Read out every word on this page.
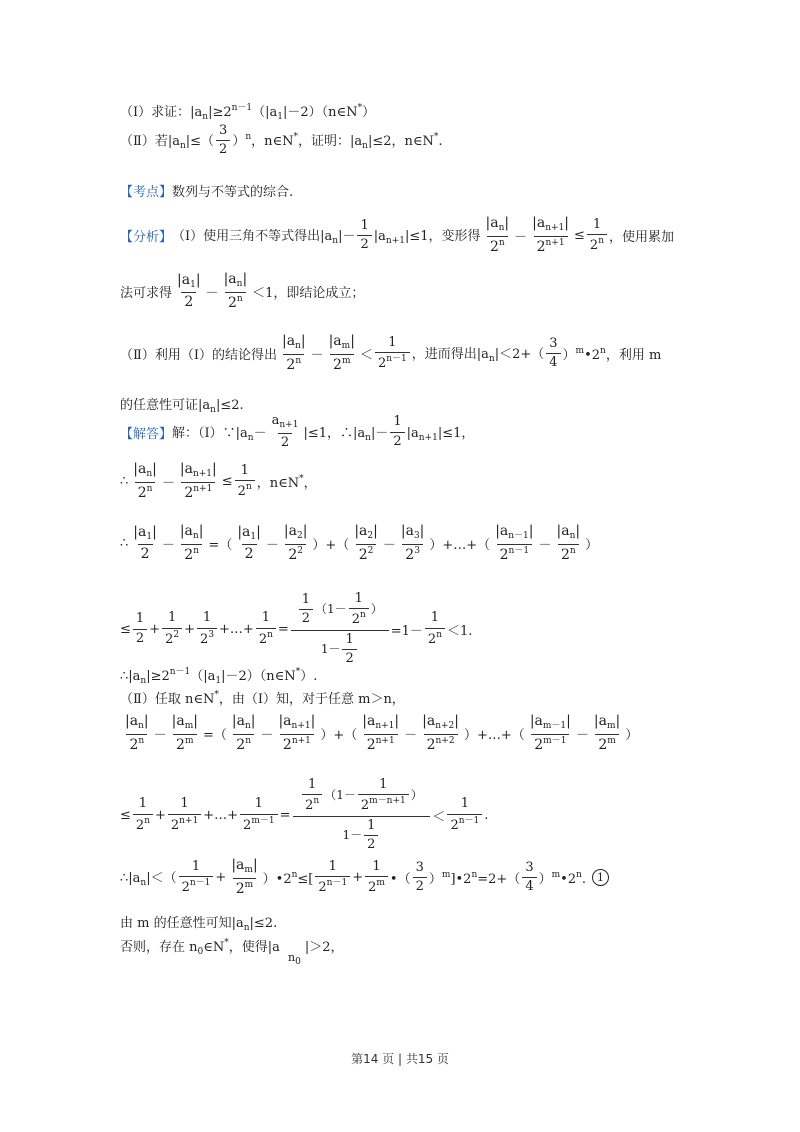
（Ⅰ）求证：$|a_n|\ge 2^{n-1}(|a_1|-2)(n\in N^*)$
（Ⅱ）若$|a_n|\le( \frac{3}{2} )^n$，n∈N*，证明：$|a_n|\le 2$，n∈N*.
【考点】 数列与不等式的综合.
【分析】 （Ⅰ）使用三角不等式得出$|a_n|- \frac{1}{2} |a_{n+1}|\le 1$，变形得 $\frac{|a_n|}{2^n} - \frac{|a_{n+1}|}{2^{n+1}} \le \frac{1}{2^n}$ ，使用累加
法可求得 $\frac{|a_1|}{2} - \frac{|a_n|}{2^n} <1$，即结论成立；
（Ⅱ）利用（Ⅰ）的结论得出 $\frac{|a_n|}{2^n} - \frac{|a_m|}{2^m} < \frac{1}{2^{n-1}}$ ，进而得出$|a_n|<2+( \frac{3}{4}$ ）$^m•2^n$，利用 m
的任意性可证$|a_n|\le 2$.
【解答】 解：$(Ⅰ)\because|a_n- \frac{a_{n+1}}{2} |\le 1$，$\therefore|a_n|- \frac{1}{2} |a_{n+1}|\le 1$，
∴ $\frac{|a_n|}{2^n} - \frac{|a_{n+1}|}{2^{n+1}} \le \frac{1}{2^n}$ ，n∈N*，
∴ $\frac{|a_1|}{2} - \frac{|a_n|}{2^n}$ =（ $\frac{|a_1|}{2} - \frac{|a_2|}{2^2}$ ）+（ $\frac{|a_2|}{2^2} - \frac{|a_3|}{2^3}$ ）+…+（ $\frac{|a_{n-1}|}{2^{n-1}} - \frac{|a_n|}{2^n}$ ）
≤ $\frac{1}{2} + \frac{1}{2^2} + \frac{1}{2^3}$ +…+ $\frac{1}{2^n} = \frac{\frac{1}{2} (1- \frac{1}{2^n} )}{1- \frac{1}{2}} =1- \frac{1}{2^n} <1$.
$\therefore|a_n|\ge 2^{n-1}(|a_1|-2)(n\in N^*)$.
（Ⅱ）任取 n∈N*，由（Ⅰ）知，对于任意 m＞n，
$\frac{|a_n|}{2^n} - \frac{|a_m|}{2^m}$ =（ $\frac{|a_n|}{2^n} - \frac{|a_{n+1}|}{2^{n+1}}$ ）+（ $\frac{|a_{n+1}|}{2^{n+1}} - \frac{|a_{n+2}|}{2^{n+2}}$ ）+…+（ $\frac{|a_{m-1}|}{2^{m-1}} - \frac{|a_m|}{2^m}$ ）
≤ $\frac{1}{2^n} + \frac{1}{2^{n+1}}$ +…+ $\frac{1}{2^{m-1}} = \frac{\frac{1}{2^n} (1- \frac{1}{2^{m-n+1}} )}{1- \frac{1}{2}} < \frac{1}{2^{n-1}}$ .
$\therefore|a_n|<( \frac{1}{2^{n-1}} + \frac{|a_m|}{2^m}$ ）$•2^n\le[ \frac{1}{2^{n-1}} + \frac{1}{2^m}$ •（ $\frac{3}{2}$ ）$^m]•2^n=2+( \frac{3}{4}$ ）$^m$•2$^n$.	1
由 m 的任意性可知$|a_n|\le 2$.
否则，存在 $n_0\in N^*$，使得|a $n_0|>2$，
第14 页 | 共15 页
